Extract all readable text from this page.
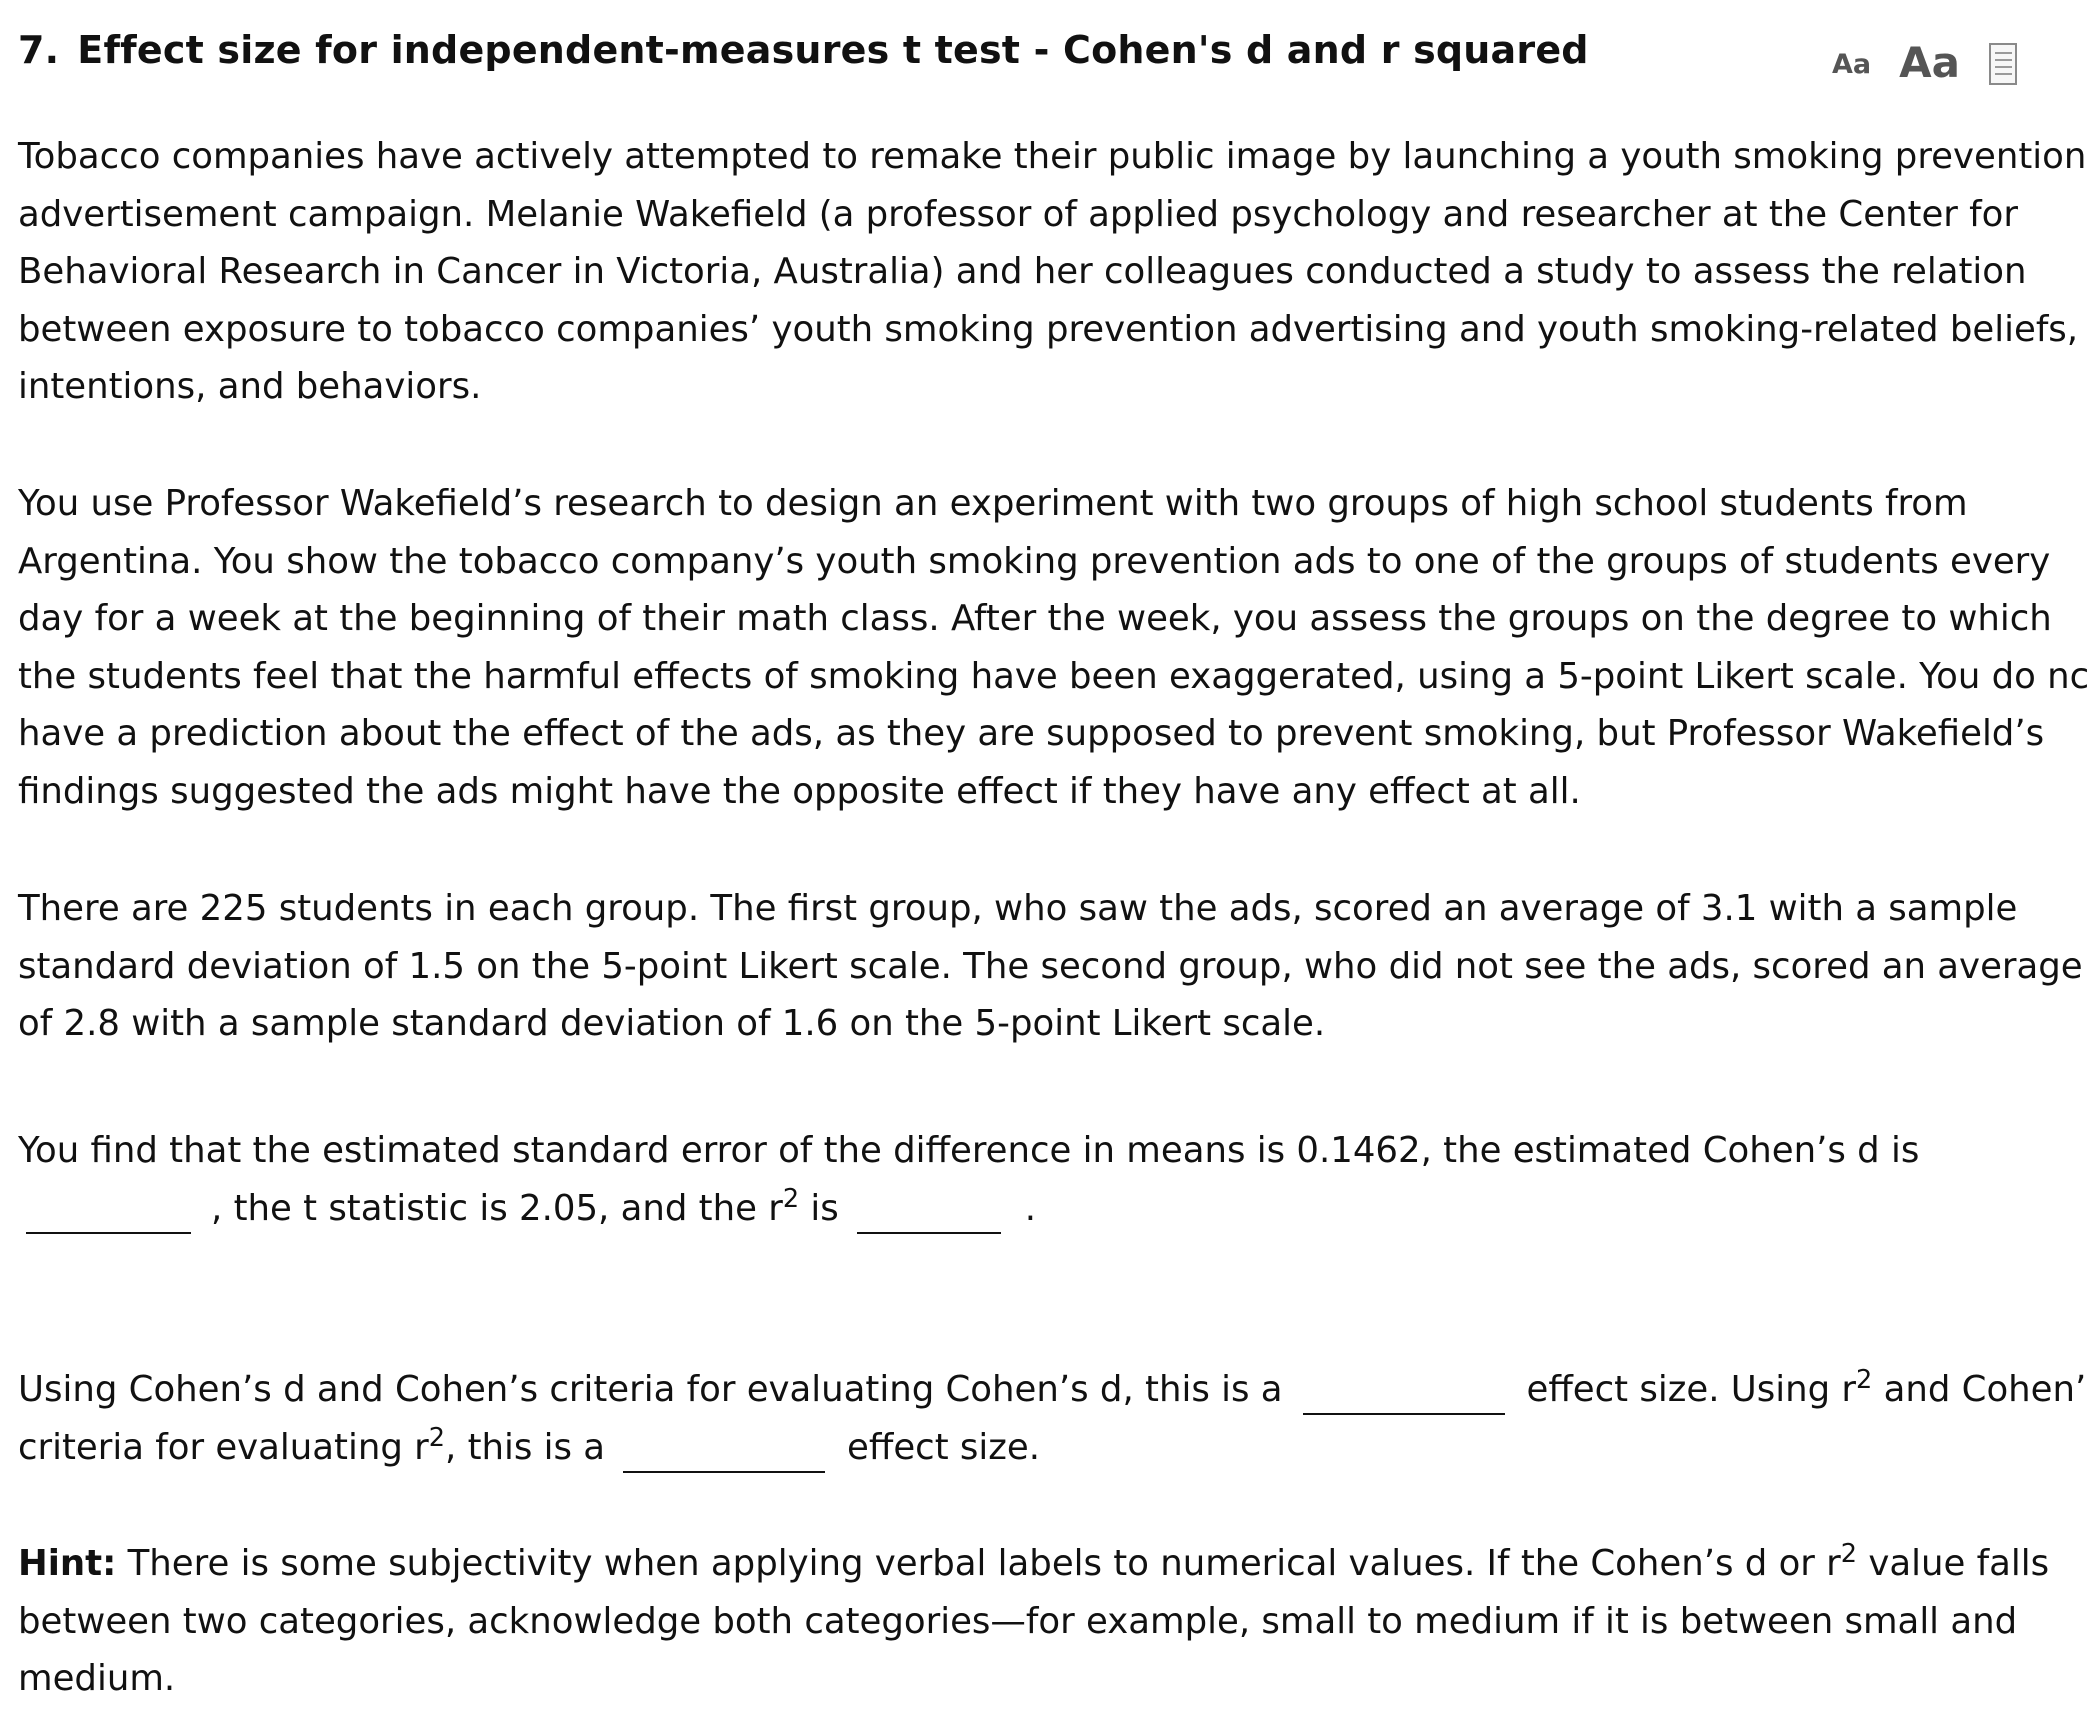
7. Effect size for independent-measures t test - Cohen's d and r squared	Aa Aa
Tobacco companies have actively attempted to remake their public image by launching a youth smoking prevention
advertisement campaign. Melanie Wakefield (a professor of applied psychology and researcher at the Center for
Behavioral Research in Cancer in Victoria, Australia) and her colleagues conducted a study to assess the relation
between exposure to tobacco companies’ youth smoking prevention advertising and youth smoking-related beliefs,
intentions, and behaviors.
You use Professor Wakefield’s research to design an experiment with two groups of high school students from
Argentina. You show the tobacco company’s youth smoking prevention ads to one of the groups of students every
day for a week at the beginning of their math class. After the week, you assess the groups on the degree to which
the students feel that the harmful effects of smoking have been exaggerated, using a 5-point Likert scale. You do nc
have a prediction about the effect of the ads, as they are supposed to prevent smoking, but Professor Wakefield’s
findings suggested the ads might have the opposite effect if they have any effect at all.
There are 225 students in each group. The first group, who saw the ads, scored an average of 3.1 with a sample
standard deviation of 1.5 on the 5-point Likert scale. The second group, who did not see the ads, scored an average
of 2.8 with a sample standard deviation of 1.6 on the 5-point Likert scale.
You find that the estimated standard error of the difference in means is 0.1462, the estimated Cohen’s d is
, the t statistic is 2.05, and the $r^2$ is	.
Using Cohen’s d and Cohen’s criteria for evaluating Cohen’s d, this is a	effect size. Using $r^2$ and Cohen’
criteria for evaluating $r^2$, this is a	effect size.
Hint: There is some subjectivity when applying verbal labels to numerical values. If the Cohen’s d or $r^2$ value falls
between two categories, acknowledge both categories—for example, small to medium if it is between small and
medium.
